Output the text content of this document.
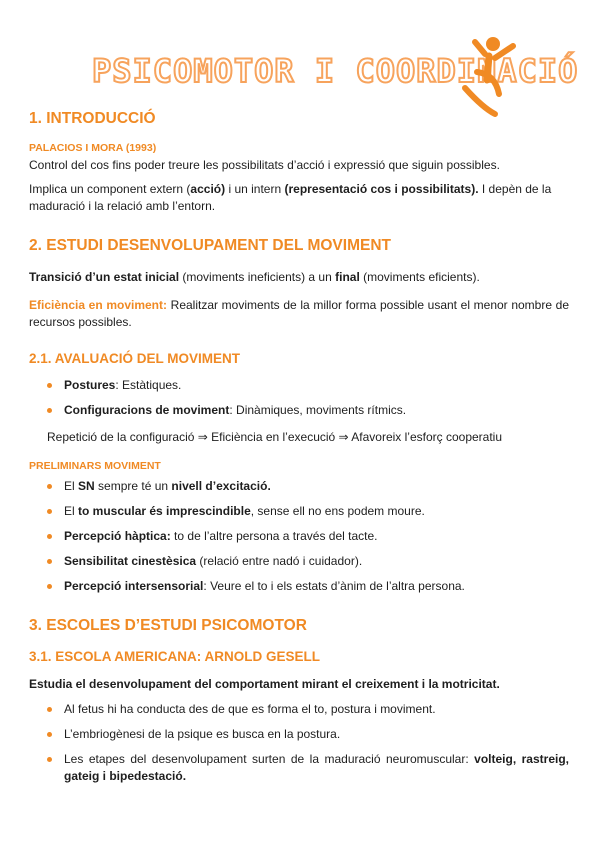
PSICOMOTOR I COORDINACIÓ
1. INTRODUCCIÓ
PALACIOS I MORA (1993)

Control del cos fins poder treure les possibilitats d’acció i expressió que siguin possibles.

Implica un component extern (acció) i un intern (representació cos i possibilitats). I depèn de la maduració i la relació amb l’entorn.

2. ESTUDI DESENVOLUPAMENT DEL MOVIMENT

Transició d’un estat inicial (moviments ineficients) a un final (moviments eficients).

Eficiència en moviment: Realitzar moviments de la millor forma possible usant el menor nombre de recursos possibles.

2.1. AVALUACIÓ DEL MOVIMENT
Postures: Estàtiques.
Configuracions de moviment: Dinàmiques, moviments rítmics.

Repetició de la configuració ⇒ Eficiència en l’execució ⇒ Afavoreix l’esforç cooperatiu

PRELIMINARS MOVIMENT
El SN sempre té un nivell d’excitació.
El to muscular és imprescindible, sense ell no ens podem moure.
Percepció hàptica: to de l’altre persona a través del tacte.
Sensibilitat cinestèsica (relació entre nadó i cuidador).
Percepció intersensorial: Veure el to i els estats d’ànim de l’altra persona.
3. ESCOLES D’ESTUDI PSICOMOTOR
3.1. ESCOLA AMERICANA: ARNOLD GESELL

Estudia el desenvolupament del comportament mirant el creixement i la motricitat.

Al fetus hi ha conducta des de que es forma el to, postura i moviment.
L’embriogènesi de la psique es busca en la postura.
Les etapes del desenvolupament surten de la maduració neuromuscular: volteig, rastreig, gateig i bipedestació.
